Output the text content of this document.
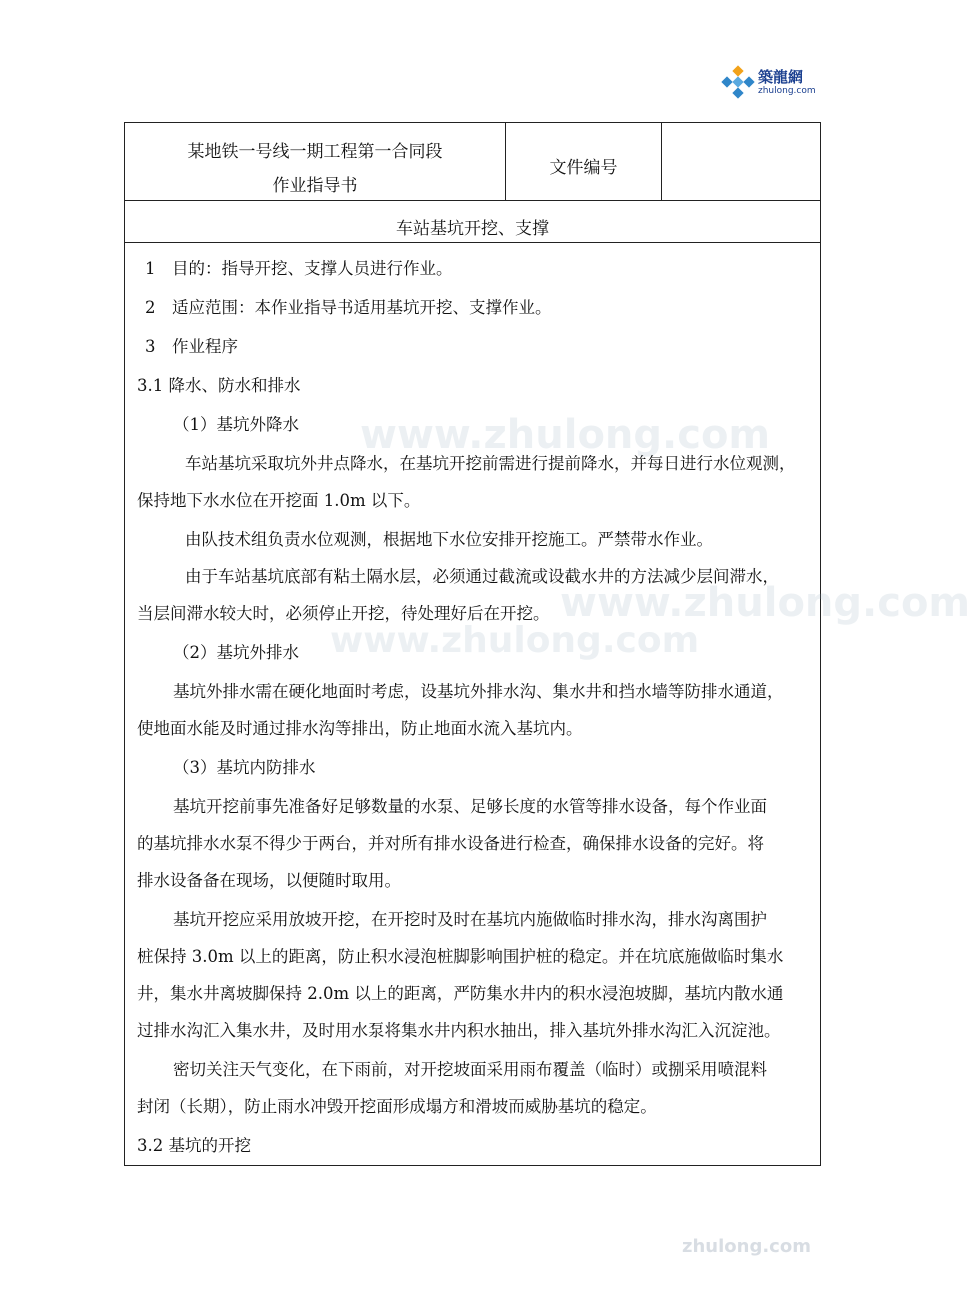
築龍網
zhulong.com
某地铁一号线一期工程第一合同段
作业指导书
文件编号
车站基坑开挖、支撑
1　目的：指导开挖、支撑人员进行作业。
2　适应范围：本作业指导书适用基坑开挖、支撑作业。
3　作业程序
3.1 降水、防水和排水
（1）基坑外降水
车站基坑采取坑外井点降水，在基坑开挖前需进行提前降水，并每日进行水位观测，
保持地下水水位在开挖面 1.0m 以下。
由队技术组负责水位观测，根据地下水位安排开挖施工。严禁带水作业。
由于车站基坑底部有粘土隔水层，必须通过截流或设截水井的方法减少层间滞水，
当层间滞水较大时，必须停止开挖，待处理好后在开挖。
（2）基坑外排水
基坑外排水需在硬化地面时考虑，设基坑外排水沟、集水井和挡水墙等防排水通道，
使地面水能及时通过排水沟等排出，防止地面水流入基坑内。
（3）基坑内防排水
基坑开挖前事先准备好足够数量的水泵、足够长度的水管等排水设备，每个作业面
的基坑排水水泵不得少于两台，并对所有排水设备进行检查，确保排水设备的完好。将
排水设备备在现场，以便随时取用。
基坑开挖应采用放坡开挖，在开挖时及时在基坑内施做临时排水沟，排水沟离围护
桩保持 3.0m 以上的距离，防止积水浸泡桩脚影响围护桩的稳定。并在坑底施做临时集水
井，集水井离坡脚保持 2.0m 以上的距离，严防集水井内的积水浸泡坡脚，基坑内散水通
过排水沟汇入集水井，及时用水泵将集水井内积水抽出，排入基坑外排水沟汇入沉淀池。
密切关注天气变化，在下雨前，对开挖坡面采用雨布覆盖（临时）或捌采用喷混料
封闭（长期），防止雨水冲毁开挖面形成塌方和滑坡而威胁基坑的稳定。
3.2 基坑的开挖
www.zhulong.com
www.zhulong.com
www.zhulong.com
zhulong.com
